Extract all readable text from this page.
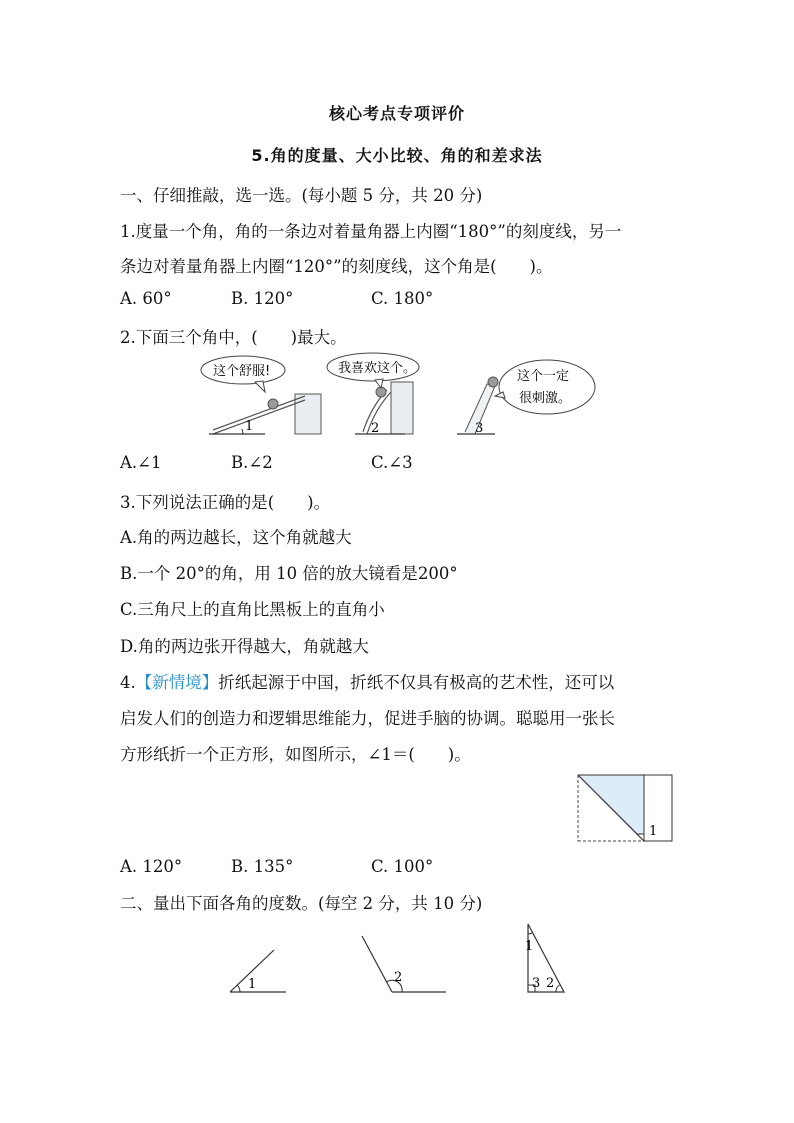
核心考点专项评价
5.角的度量、大小比较、角的和差求法
一、仔细推敲，选一选。(每小题 5 分，共 20 分)
1.度量一个角，角的一条边对着量角器上内圈“180°”的刻度线，另一
条边对着量角器上内圈“120°”的刻度线，这个角是(　　)。
A. 60°	B. 120°	C. 180°
2.下面三个角中，(　　)最大。
1
这个舒服!
2
我喜欢这个。
3
这个一定
很刺激。
A.∠1	B.∠2	C.∠3
3.下列说法正确的是(　　)。
A.角的两边越长，这个角就越大
B.一个 20°的角，用 10 倍的放大镜看是200°
C.三角尺上的直角比黑板上的直角小
D.角的两边张开得越大，角就越大
4.【新情境】折纸起源于中国，折纸不仅具有极高的艺术性，还可以
启发人们的创造力和逻辑思维能力，促进手脑的协调。聪聪用一张长
方形纸折一个正方形，如图所示，∠1＝(　　)。
1
A. 120°	B. 135°	C. 100°
二、量出下面各角的度数。(每空 2 分，共 10 分)
1	2
1
3 2
